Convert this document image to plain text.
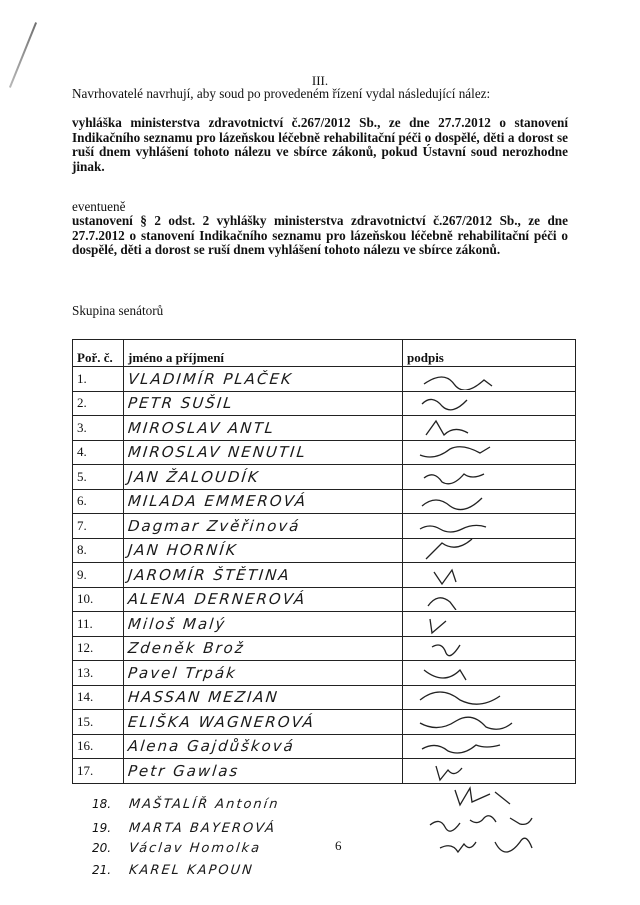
III.
Navrhovatelé navrhují, aby soud po provedeném řízení vydal následující nález:
vyhláška ministerstva zdravotnictví č.267/2012 Sb., ze dne 27.7.2012 o stanovení Indikačního seznamu pro lázeňskou léčebně rehabilitační péči o dospělé, děti a dorost se ruší dnem vyhlášení tohoto nálezu ve sbírce zákonů, pokud Ústavní soud nerozhodne jinak.
eventueně
ustanovení § 2 odst. 2 vyhlášky ministerstva zdravotnictví č.267/2012 Sb., ze dne 27.7.2012 o stanovení Indikačního seznamu pro lázeňskou léčebně rehabilitační péči o dospělé, děti a dorost se ruší dnem vyhlášení tohoto nálezu ve sbírce zákonů.
Skupina senátorů
Poř. č.	jméno a příjmení	podpis
1.	VLADIMÍR PLAČEK	

2.	PETR SUŠIL	

3.	MIROSLAV ANTL	

4.	MIROSLAV NENUTIL	

5.	JAN ŽALOUDÍK	

6.	MILADA EMMEROVÁ	

7.	Dagmar Zvěřinová	

8.	JAN HORNÍK	

9.	JAROMÍR ŠTĚTINA	

10.	ALENA DERNEROVÁ	

11.	Miloš Malý	

12.	Zdeněk Brož	

13.	Pavel Trpák	

14.	HASSAN MEZIAN	

15.	ELIŠKA WAGNEROVÁ	

16.	Alena Gajdůšková	

17.	Petr Gawlas	
18. MAŠTALÍŘ Antonín
19. MARTA BAYEROVÁ
20. Václav Homolka
21. KAREL KAPOUN
6
